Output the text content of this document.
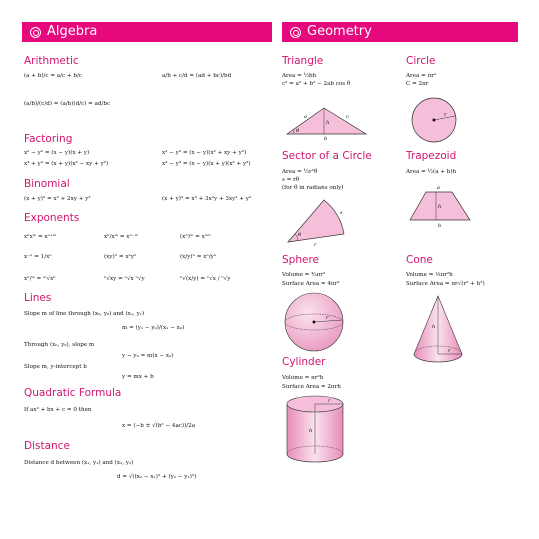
Algebra
Arithmetic
(a + b)/c = a/c + b/c	a/b + c/d = (ad + bc)/bd
(a/b)/(c/d) = (a/b)(d/c) = ad/bc
Factoring
x² − y² = (x − y)(x + y)	x³ − y³ = (x − y)(x² + xy + y²)
x³ + y³ = (x + y)(x² − xy + y²)	x⁴ − y⁴ = (x − y)(x + y)(x² + y²)
Binomial
(x + y)² = x² + 2xy + y²	(x + y)³ = x³ + 3x²y + 3xy² + y³
Exponents
xⁿxᵐ = xⁿ⁺ᵐ	xⁿ/xᵐ = xⁿ⁻ᵐ	(xⁿ)ᵐ = xⁿᵐ
x⁻ⁿ = 1/xⁿ	(xy)ⁿ = xⁿyⁿ	(x/y)ⁿ = xⁿ/yⁿ
xⁿ/ᵐ = ᵐ√xⁿ	ⁿ√xy = ⁿ√x ⁿ√y	ⁿ√(x/y) = ⁿ√x / ⁿ√y
Lines
Slope m of line through (x₀, y₀) and (x₁, y₁)
m = (y₁ − y₀)/(x₁ − x₀)
Through (x₀, y₀), slope m
y − y₀ = m(x − x₀)
Slope m, y-intercept b
y = mx + b
Quadratic Formula
If ax² + bx + c = 0 then
x = (−b ± √(b² − 4ac))/2a
Distance
Distance d between (x₁, y₁) and (x₂, y₂)
d = √((x₂ − x₁)² + (y₂ − y₁)²)
Geometry
Triangle
Area = ½bh
c² = a² + b² − 2ab cos θ
a	c
h
θ
b
Circle
Area = πr²
C = 2πr
r
Sector of a Circle
Area = ½r²θ
s = rθ
(for θ in radians only)
θ
s
r
Trapezoid
Area = ½(a + b)h
a
h
b
Sphere
Volume = ⁴⁄₃πr³
Surface Area = 4πr²
r
Cone
Volume = ⅓πr²h
Surface Area = πr√(r² + h²)
h
r
Cylinder
Volume = πr²h
Surface Area = 2πrh
r
h
